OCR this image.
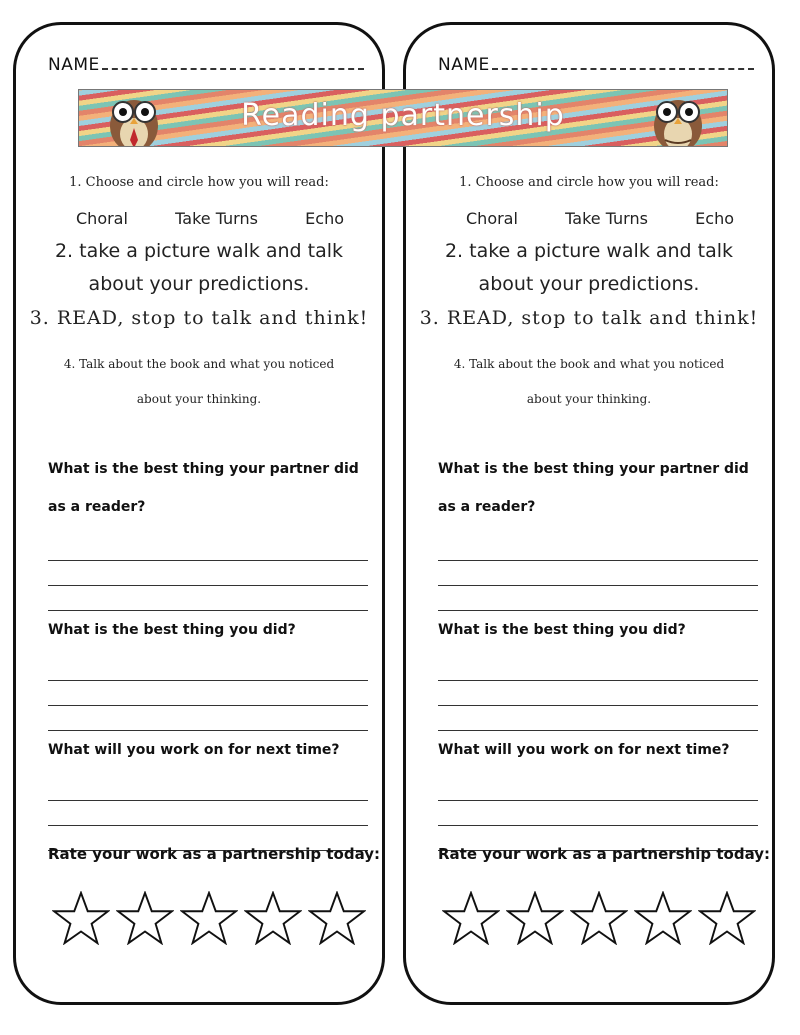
NAME
Reading partnership
1. Choose and circle how you will read:
Choral	Take Turns	Echo
2. take a picture walk and talk about your predictions.
3. READ, stop to talk and think!
4. Talk about the book and what you noticed about your thinking.
What is the best thing your partner did as a reader?
What is the best thing you did?
What will you work on for next time?
Rate your work as a partnership today:
NAME
1. Choose and circle how you will read:
Choral	Take Turns	Echo
2. take a picture walk and talk about your predictions.
3. READ, stop to talk and think!
4. Talk about the book and what you noticed about your thinking.
What is the best thing your partner did as a reader?
What is the best thing you did?
What will you work on for next time?
Rate your work as a partnership today:
